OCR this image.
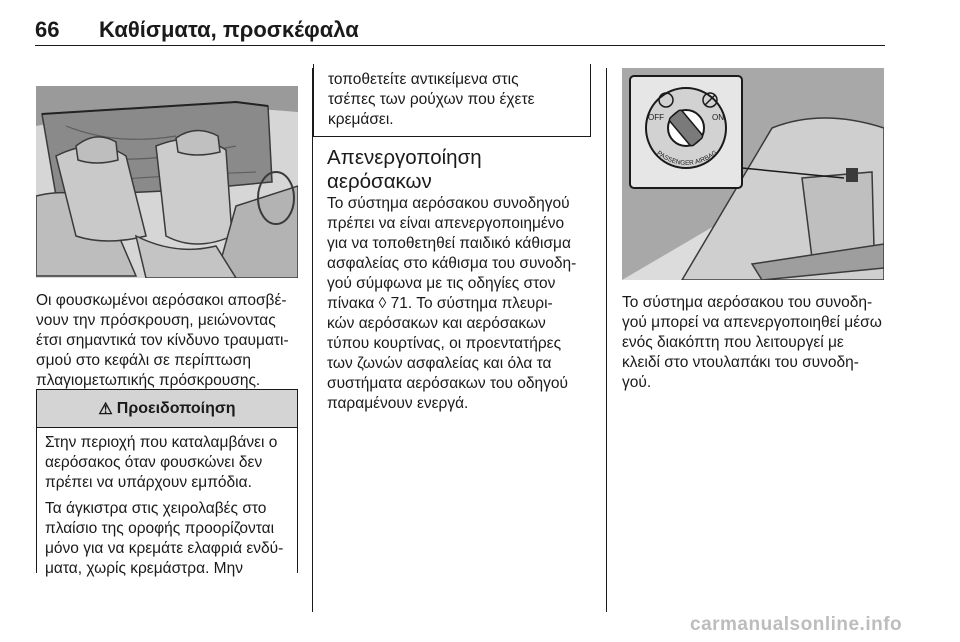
66	Καθίσματα, προσκέφαλα
Οι φουσκωμένοι αερόσακοι αποσβέ-
νουν την πρόσκρουση, μειώνοντας
έτσι σημαντικά τον κίνδυνο τραυματι-
σμού στο κεφάλι σε περίπτωση
πλαγιομετωπικής πρόσκρουσης.
⚠ Προειδοποίηση
Στην περιοχή που καταλαμβάνει ο
αερόσακος όταν φουσκώνει δεν
πρέπει να υπάρχουν εμπόδια.
Τα άγκιστρα στις χειρολαβές στο
πλαίσιο της οροφής προορίζονται
μόνο για να κρεμάτε ελαφριά ενδύ-
ματα, χωρίς κρεμάστρα. Μην
τοποθετείτε αντικείμενα στις
τσέπες των ρούχων που έχετε
κρεμάσει.
Απενεργοποίηση
αερόσακων
Το σύστημα αερόσακου συνοδηγού
πρέπει να είναι απενεργοποιημένο
για να τοποθετηθεί παιδικό κάθισμα
ασφαλείας στο κάθισμα του συνοδη-
γού σύμφωνα με τις οδηγίες στον
πίνακα ◊ 71. Το σύστημα πλευρι-
κών αερόσακων και αερόσακων
τύπου κουρτίνας, οι προεντατήρες
των ζωνών ασφαλείας και όλα τα
συστήματα αερόσακων του οδηγού
παραμένουν ενεργά.
OFF	ON
PASSENGER AIRBAG
Το σύστημα αερόσακου του συνοδη-
γού μπορεί να απενεργοποιηθεί μέσω
ενός διακόπτη που λειτουργεί με
κλειδί στο ντουλαπάκι του συνοδη-
γού.
carmanualsonline.info
